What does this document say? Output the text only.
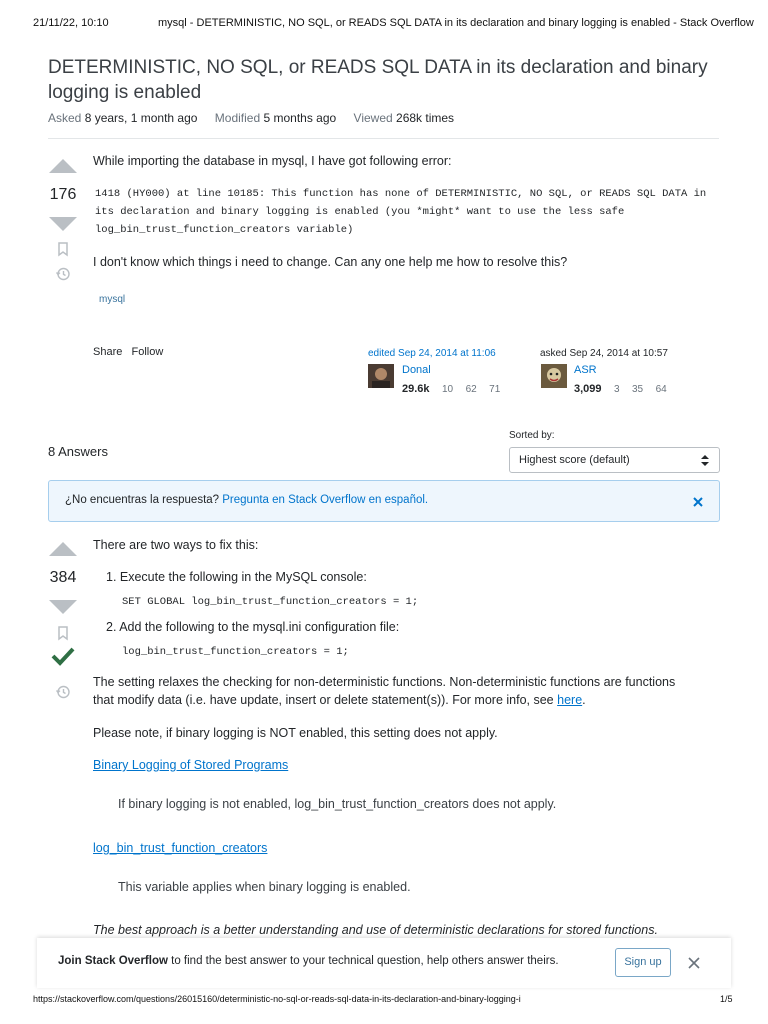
21/11/22, 10:10	mysql - DETERMINISTIC, NO SQL, or READS SQL DATA in its declaration and binary logging is enabled - Stack Overflow
DETERMINISTIC, NO SQL, or READS SQL DATA in its declaration and binary
logging is enabled
Asked 8 years, 1 month ago Modified 5 months ago Viewed 268k times
176
While importing the database in mysql, I have got following error:
1418 (HY000) at line 10185: This function has none of DETERMINISTIC, NO SQL, or READS SQL DATA in
its declaration and binary logging is enabled (you *might* want to use the less safe
log_bin_trust_function_creators variable)
I don't know which things i need to change. Can any one help me how to resolve this?
mysql
Share Follow	edited Sep 24, 2014 at 11:06
Donal
29.6k 10 62 71
asked Sep 24, 2014 at 10:57
ASR
3,099 3 35 64
8 Answers
Sorted by:
Highest score (default)
¿No encuentras la respuesta? Pregunta en Stack Overflow en español.
384
There are two ways to fix this:
1. Execute the following in the MySQL console:
SET GLOBAL log_bin_trust_function_creators = 1;
2. Add the following to the mysql.ini configuration file:
log_bin_trust_function_creators = 1;
The setting relaxes the checking for non-deterministic functions. Non-deterministic functions are functions
that modify data (i.e. have update, insert or delete statement(s)). For more info, see here.
Please note, if binary logging is NOT enabled, this setting does not apply.
Binary Logging of Stored Programs
If binary logging is not enabled, log_bin_trust_function_creators does not apply.
log_bin_trust_function_creators
This variable applies when binary logging is enabled.
The best approach is a better understanding and use of deterministic declarations for stored functions.
Join Stack Overflow to find the best answer to your technical question, help others answer theirs.	Sign up
https://stackoverflow.com/questions/26015160/deterministic-no-sql-or-reads-sql-data-in-its-declaration-and-binary-logging-i	1/5
